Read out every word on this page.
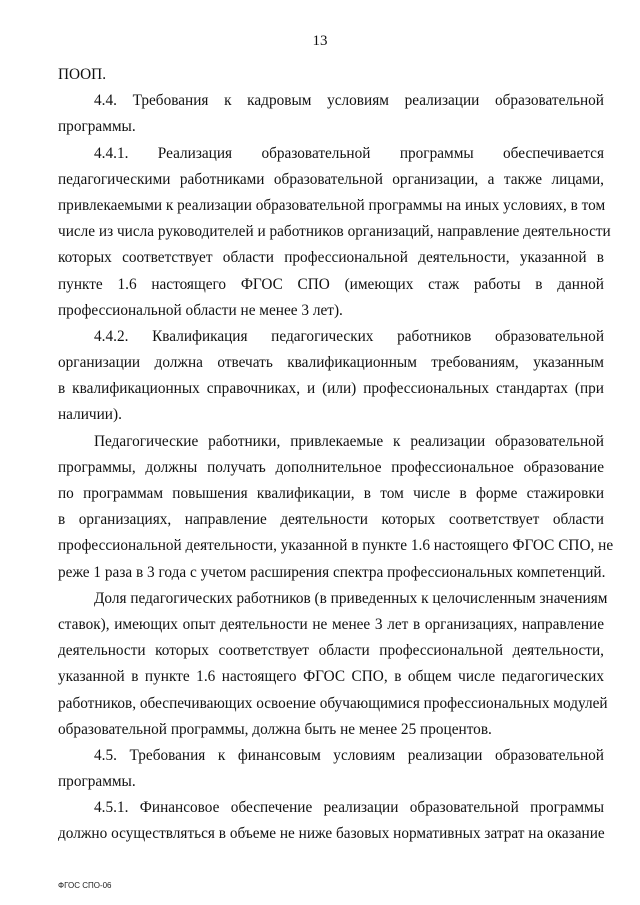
13
ПООП.
4.4. Требования к кадровым условиям реализации образовательной
программы.
4.4.1. Реализация образовательной программы обеспечивается
педагогическими работниками образовательной организации, а также лицами,
привлекаемыми к реализации образовательной программы на иных условиях, в том
числе из числа руководителей и работников организаций, направление деятельности
которых соответствует области профессиональной деятельности, указанной в
пункте 1.6 настоящего ФГОС СПО (имеющих стаж работы в данной
профессиональной области не менее 3 лет).
4.4.2. Квалификация педагогических работников образовательной
организации должна отвечать квалификационным требованиям, указанным
в квалификационных справочниках, и (или) профессиональных стандартах (при
наличии).
Педагогические работники, привлекаемые к реализации образовательной
программы, должны получать дополнительное профессиональное образование
по программам повышения квалификации, в том числе в форме стажировки
в организациях, направление деятельности которых соответствует области
профессиональной деятельности, указанной в пункте 1.6 настоящего ФГОС СПО, не
реже 1 раза в 3 года с учетом расширения спектра профессиональных компетенций.
Доля педагогических работников (в приведенных к целочисленным значениям
ставок), имеющих опыт деятельности не менее 3 лет в организациях, направление
деятельности которых соответствует области профессиональной деятельности,
указанной в пункте 1.6 настоящего ФГОС СПО, в общем числе педагогических
работников, обеспечивающих освоение обучающимися профессиональных модулей
образовательной программы, должна быть не менее 25 процентов.
4.5. Требования к финансовым условиям реализации образовательной
программы.
4.5.1. Финансовое обеспечение реализации образовательной программы
должно осуществляться в объеме не ниже базовых нормативных затрат на оказание
ФГОС СПО-06
